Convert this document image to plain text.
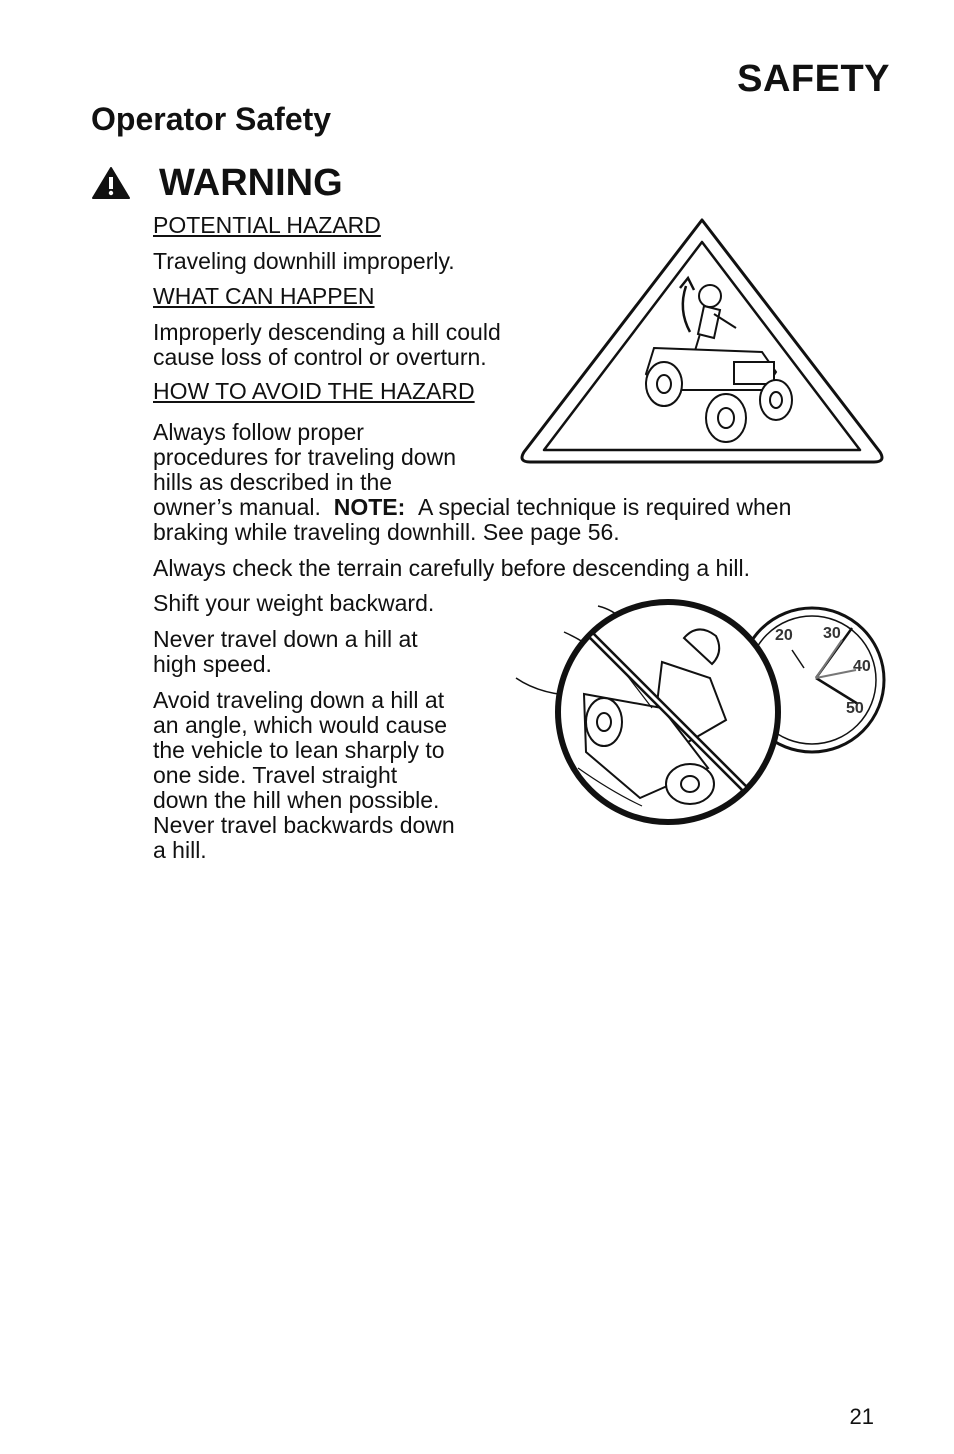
SAFETY
Operator Safety
WARNING
POTENTIAL HAZARD
Traveling downhill improperly.
WHAT CAN HAPPEN
Improperly descending a hill could
cause loss of control or overturn.
HOW TO AVOID THE HAZARD
Always follow proper
procedures for traveling down
hills as described in the
owner’s manual. NOTE: A special technique is required when
braking while traveling downhill. See page 56.
Always check the terrain carefully before descending a hill.
Shift your weight backward.
Never travel down a hill at
high speed.
Avoid traveling down a hill at
an angle, which would cause
the vehicle to lean sharply to
one side. Travel straight
down the hill when possible.
Never travel backwards down
a hill.
20 30
40
50
21
